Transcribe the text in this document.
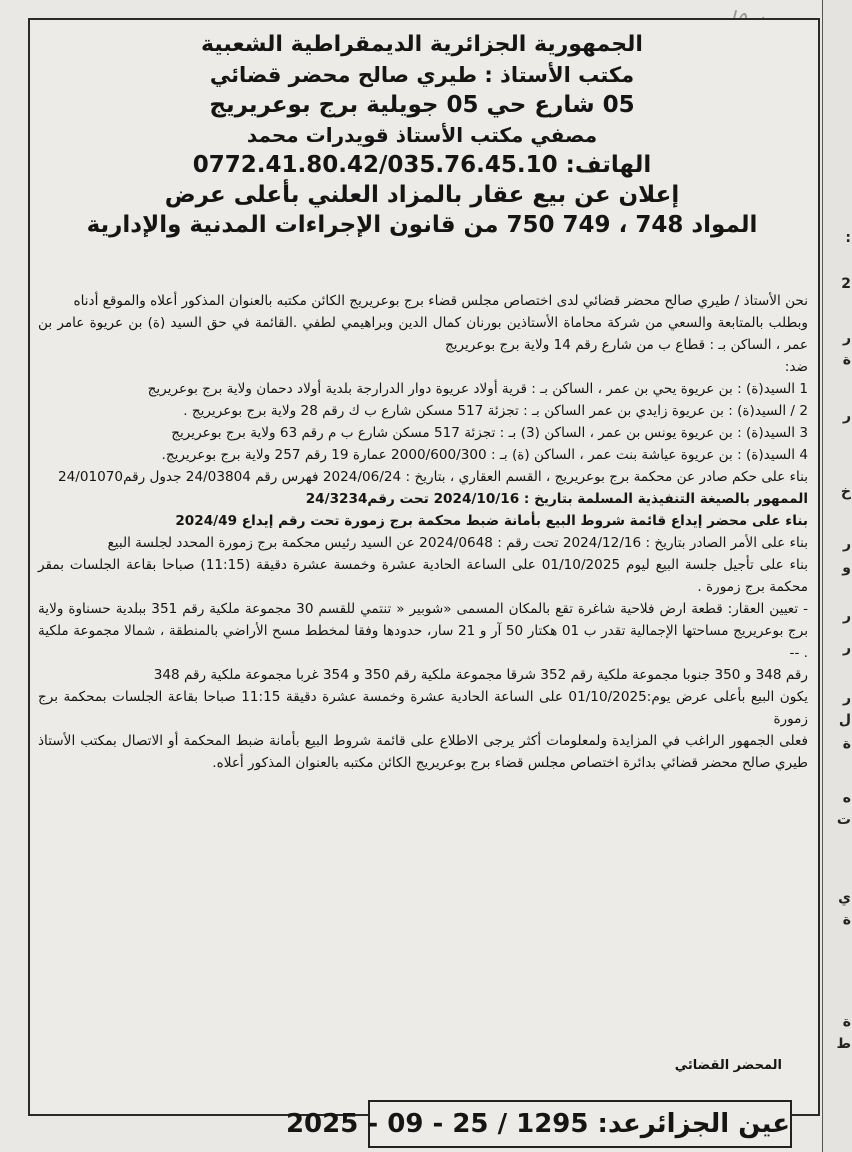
:
2
ر
ة
ر
خ
ر
و
ر
ر
ر
ل
ة
ه
ت
ي
ة
ة
ط
الجمهورية الجزائرية الديمقراطية الشعبية
مكتب الأستاذ : طيري صالح محضر قضائي
05 شارع حي 05 جويلية برج بوعريريج
مصفي مكتب الأستاذ قويدرات محمد
الهاتف: 0772.41.80.42/035.76.45.10
إعلان عن بيع عقار بالمزاد العلني بأعلى عرض
المواد 748 ، 749 750 من قانون الإجراءات المدنية والإدارية

نحن الأستاذ / طيري صالح محضر قضائي لدى اختصاص مجلس قضاء برج بوعريريج الكائن مكتبه بالعنوان المذكور أعلاه والموقع أدناه

وبطلب بالمتابعة والسعي من شركة محاماة الأستاذين بورنان كمال الدين وبراهيمي لطفي .القائمة في حق السيد (ة) بن عريوة عامر بن عمر ، الساكن بـ : قطاع ب من شارع رقم 14 ولاية برج بوعريريج

ضد:

1 السيد(ة) : بن عريوة يحي بن عمر ، الساكن بـ : قرية أولاد عريوة دوار الدرارجة بلدية أولاد دحمان ولاية برج بوعريريج

2 / السيد(ة) : بن عريوة زايدي بن عمر الساكن بـ : تجزئة 517 مسكن شارع ب ك رقم 28 ولاية برج بوعريريج .

3 السيد(ة) : بن عريوة يونس بن عمر ، الساكن (3) بـ : تجزئة 517 مسكن شارع ب م رقم 63 ولاية برج بوعريريج

4 السيد(ة) : بن عريوة عياشة بنت عمر ، الساكن (ة) بـ : 2000/600/300 عمارة 19 رقم 257 ولاية برج بوعريريج.

بناء على حكم صادر عن محكمة برج بوعريريج ، القسم العقاري ، بتاريخ : 2024/06/24 فهرس رقم 24/03804 جدول رقم24/01070

الممهور بالصيغة التنفيذية المسلمة بتاريخ : 2024/10/16 تحت رقم24/3234

بناء على محضر إيداع قائمة شروط البيع بأمانة ضبط محكمة برج زمورة تحت رقم إيداع 2024/49

بناء على الأمر الصادر بتاريخ : 2024/12/16 تحت رقم : 2024/0648 عن السيد رئيس محكمة برج زمورة المحدد لجلسة البيع

بناء على تأجيل جلسة البيع ليوم 01/10/2025 على الساعة الحادية عشرة وخمسة عشرة دقيقة (11:15) صباحا بقاعة الجلسات بمقر محكمة برج زمورة .

- تعيين العقار: قطعة ارض فلاحية شاغرة تقع بالمكان المسمى «شوبير « تنتمي للقسم 30 مجموعة ملكية رقم 351 ببلدية حسناوة ولاية برج بوعريريج مساحتها الإجمالية تقدر ب 01 هكتار 50 آر و 21 سار، حدودها وفقا لمخطط مسح الأراضي بالمنطقة ، شمالا مجموعة ملكية . --

رقم 348 و 350 جنوبا مجموعة ملكية رقم 352 شرقا مجموعة ملكية رقم 350 و 354 غربا مجموعة ملكية رقم 348

يكون البيع بأعلى عرض يوم:01/10/2025 على الساعة الحادية عشرة وخمسة عشرة دقيقة 11:15 صباحا بقاعة الجلسات بمحكمة برج زمورة

فعلى الجمهور الراغب في المزايدة ولمعلومات أكثر يرجى الاطلاع على قائمة شروط البيع بأمانة ضبط المحكمة أو الاتصال بمكتب الأستاذ طيري صالح محضر قضائي بدائرة اختصاص مجلس قضاء برج بوعريريج الكائن مكتبه بالعنوان المذكور أعلاه.

المحضر القضائي
عين الجزائرعد: 1295 / 25 - 09 - 2025
